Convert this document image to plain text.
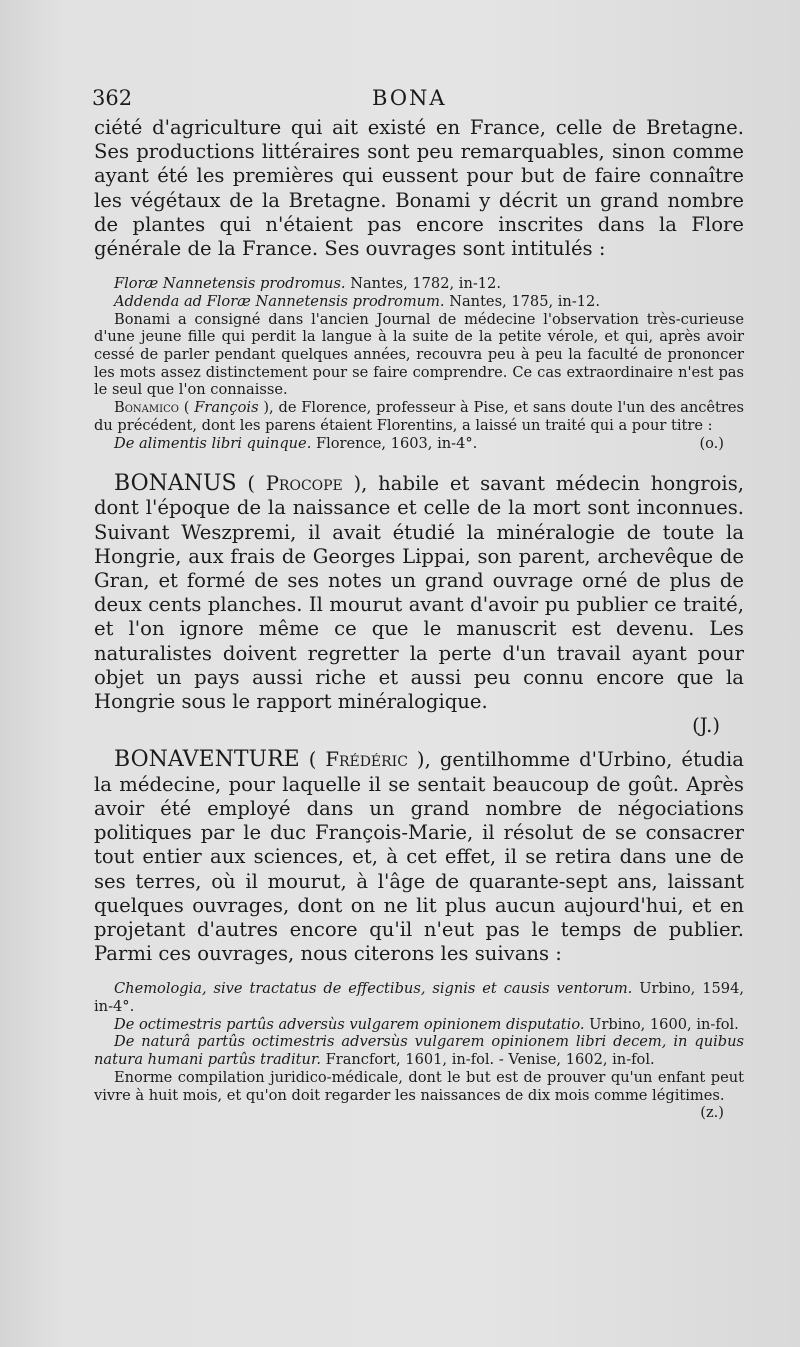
362	BONA

ciété d'agriculture qui ait existé en France, celle de Bretagne. Ses productions littéraires sont peu remarquables, sinon comme ayant été les premières qui eussent pour but de faire connaître les végétaux de la Bretagne. Bonami y décrit un grand nombre de plantes qui n'étaient pas encore inscrites dans la Flore générale de la France. Ses ouvrages sont intitulés :

Floræ Nannetensis prodromus. Nantes, 1782, in-12.

Addenda ad Floræ Nannetensis prodromum. Nantes, 1785, in-12.

Bonami a consigné dans l'ancien Journal de médecine l'observation très-curieuse d'une jeune fille qui perdit la langue à la suite de la petite vérole, et qui, après avoir cessé de parler pendant quelques années, recouvra peu à peu la faculté de prononcer les mots assez distinctement pour se faire comprendre. Ce cas extraordinaire n'est pas le seul que l'on connaisse.

Bonamico ( François ), de Florence, professeur à Pise, et sans doute l'un des ancêtres du précédent, dont les parens étaient Florentins, a laissé un traité qui a pour titre :

De alimentis libri quinque. Florence, 1603, in-4°.	(o.)

BONANUS ( Procope ), habile et savant médecin hongrois, dont l'époque de la naissance et celle de la mort sont inconnues. Suivant Weszpremi, il avait étudié la minéralogie de toute la Hongrie, aux frais de Georges Lippai, son parent, archevêque de Gran, et formé de ses notes un grand ouvrage orné de plus de deux cents planches. Il mourut avant d'avoir pu publier ce traité, et l'on ignore même ce que le manuscrit est devenu. Les naturalistes doivent regretter la perte d'un travail ayant pour objet un pays aussi riche et aussi peu connu encore que la Hongrie sous le rapport minéralogique.

(J.)

BONAVENTURE ( Frédéric ), gentilhomme d'Urbino, étudia la médecine, pour laquelle il se sentait beaucoup de goût. Après avoir été employé dans un grand nombre de négociations politiques par le duc François-Marie, il résolut de se consacrer tout entier aux sciences, et, à cet effet, il se retira dans une de ses terres, où il mourut, à l'âge de quarante-sept ans, laissant quelques ouvrages, dont on ne lit plus aucun aujourd'hui, et en projetant d'autres encore qu'il n'eut pas le temps de publier. Parmi ces ouvrages, nous citerons les suivans :

Chemologia, sive tractatus de effectibus, signis et causis ventorum. Urbino, 1594, in-4°.

De octimestris partûs adversùs vulgarem opinionem disputatio. Urbino, 1600, in-fol.

De naturâ partûs octimestris adversùs vulgarem opinionem libri decem, in quibus natura humani partûs traditur. Francfort, 1601, in-fol. - Venise, 1602, in-fol.

Enorme compilation juridico-médicale, dont le but est de prouver qu'un enfant peut vivre à huit mois, et qu'on doit regarder les naissances de dix mois comme légitimes.
(z.)
